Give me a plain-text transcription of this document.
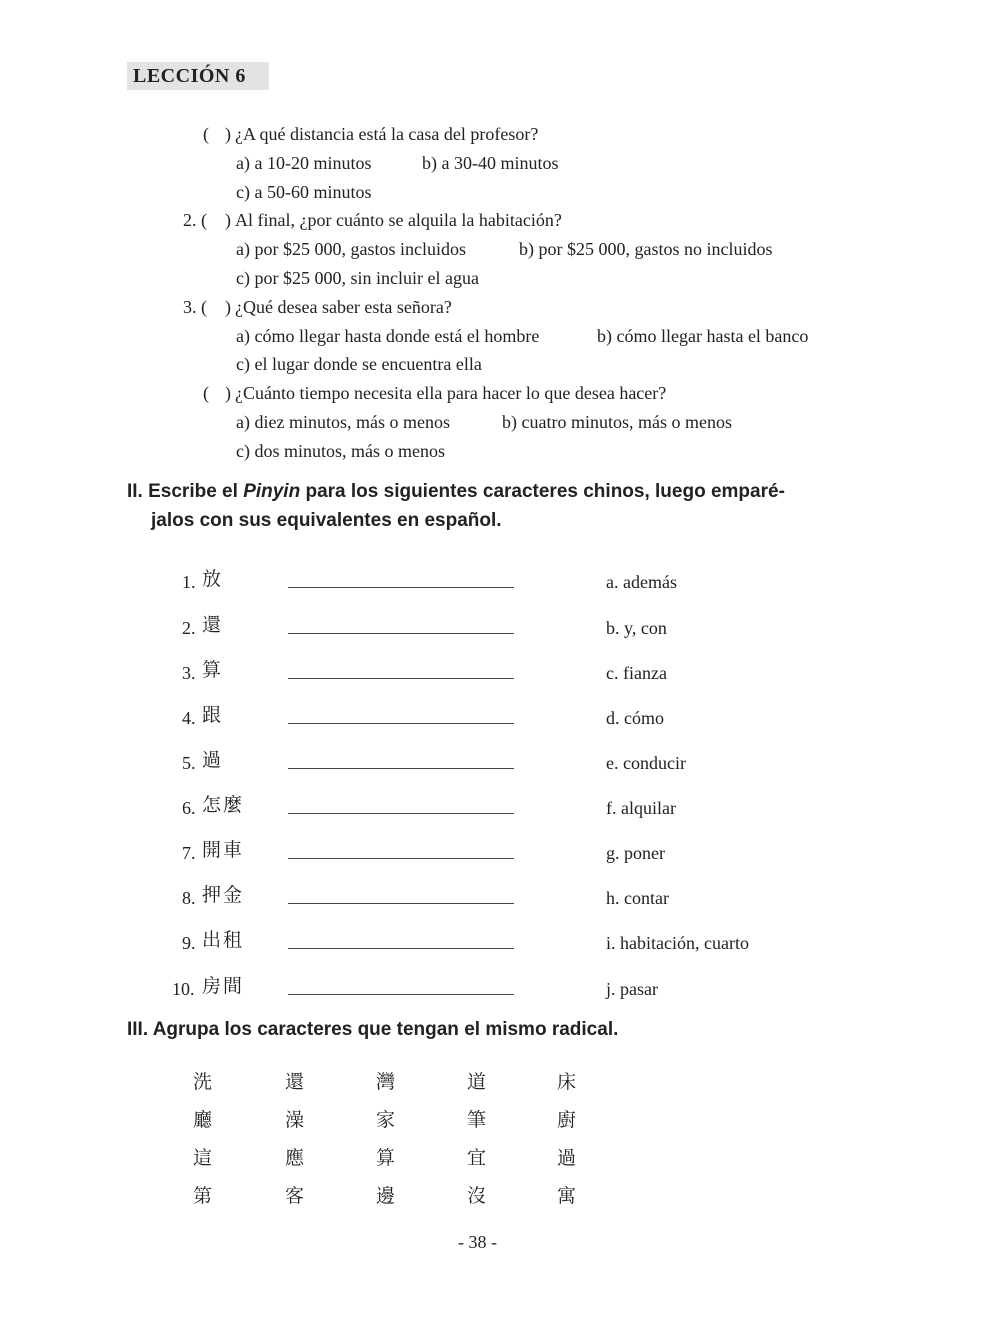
LECCIÓN 6
( ) ¿A qué distancia está la casa del profesor?
a) a 10-20 minutos	b) a 30-40 minutos
c) a 50-60 minutos
2. ( ) Al final, ¿por cuánto se alquila la habitación?
a) por $25 000, gastos incluidos	b) por $25 000, gastos no incluidos
c) por $25 000, sin incluir el agua
3. ( ) ¿Qué desea saber esta señora?
a) cómo llegar hasta donde está el hombre	b) cómo llegar hasta el banco
c) el lugar donde se encuentra ella
( ) ¿Cuánto tiempo necesita ella para hacer lo que desea hacer?
a) diez minutos, más o menos	b) cuatro minutos, más o menos
c) dos minutos, más o menos
II. Escribe el Pinyin para los siguientes caracteres chinos, luego emparé-
jalos con sus equivalentes en español.
1. 放	a. además
2. 還	b. y, con
3. 算	c. fianza
4. 跟	d. cómo
5. 過	e. conducir
6. 怎麼	f. alquilar
7. 開車	g. poner
8. 押金	h. contar
9. 出租	i. habitación, cuarto
10. 房間	j. pasar
III. Agrupa los caracteres que tengan el mismo radical.
洗	還	灣	道	床
廳	澡	家	筆	廚
這	應	算	宜	過
第	客	邊	沒	寓
- 38 -
